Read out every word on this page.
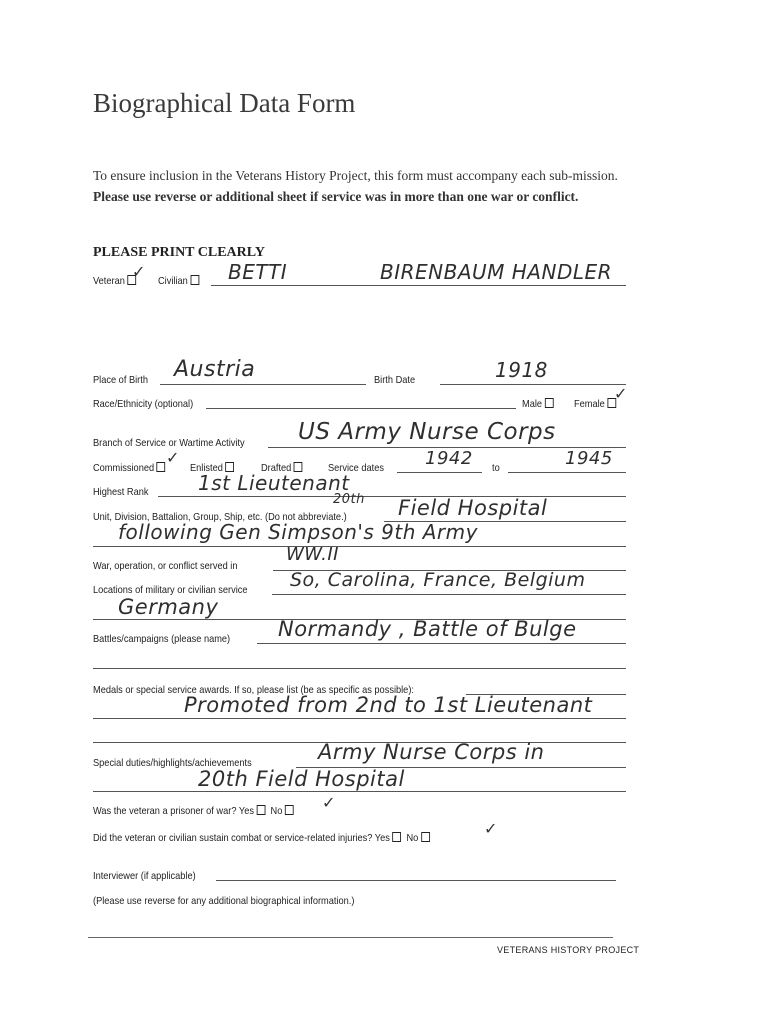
Biographical Data Form
To ensure inclusion in the Veterans History Project, this form must accompany each sub-mission. Please use reverse or additional sheet if service was in more than one war or conflict.
PLEASE PRINT CLEARLY
Veteran ✓ Civilian	BETTI	BIRENBAUM HANDLER
Place of Birth Austria	Birth Date	1918
Race/Ethnicity (optional)	Male	Female
✓
Branch of Service or Wartime Activity US Army Nurse Corps
Commissioned
✓
Enlisted	Drafted	Service dates 1942 to	1945
Highest Rank 1st Lieutenant
Unit, Division, Battalion, Group, Ship, etc. (Do not abbreviate.)
20th Field Hospital
following Gen Simpson's 9th Army
War, operation, or conflict served in
WW.II
Locations of military or civilian service So, Carolina, France, Belgium
Germany
Battles/campaigns (please name) Normandy , Battle of Bulge
Medals or special service awards. If so, please list (be as specific as possible):
Promoted from 2nd to 1st Lieutenant
Special duties/highlights/achievements	Army Nurse Corps in
20th Field Hospital
Was the veteran a prisoner of war? Yes No	✓
Did the veteran or civilian sustain combat or service-related injuries? Yes No	✓
Interviewer (if applicable)
(Please use reverse for any additional biographical information.)
VETERANS HISTORY PROJECT
